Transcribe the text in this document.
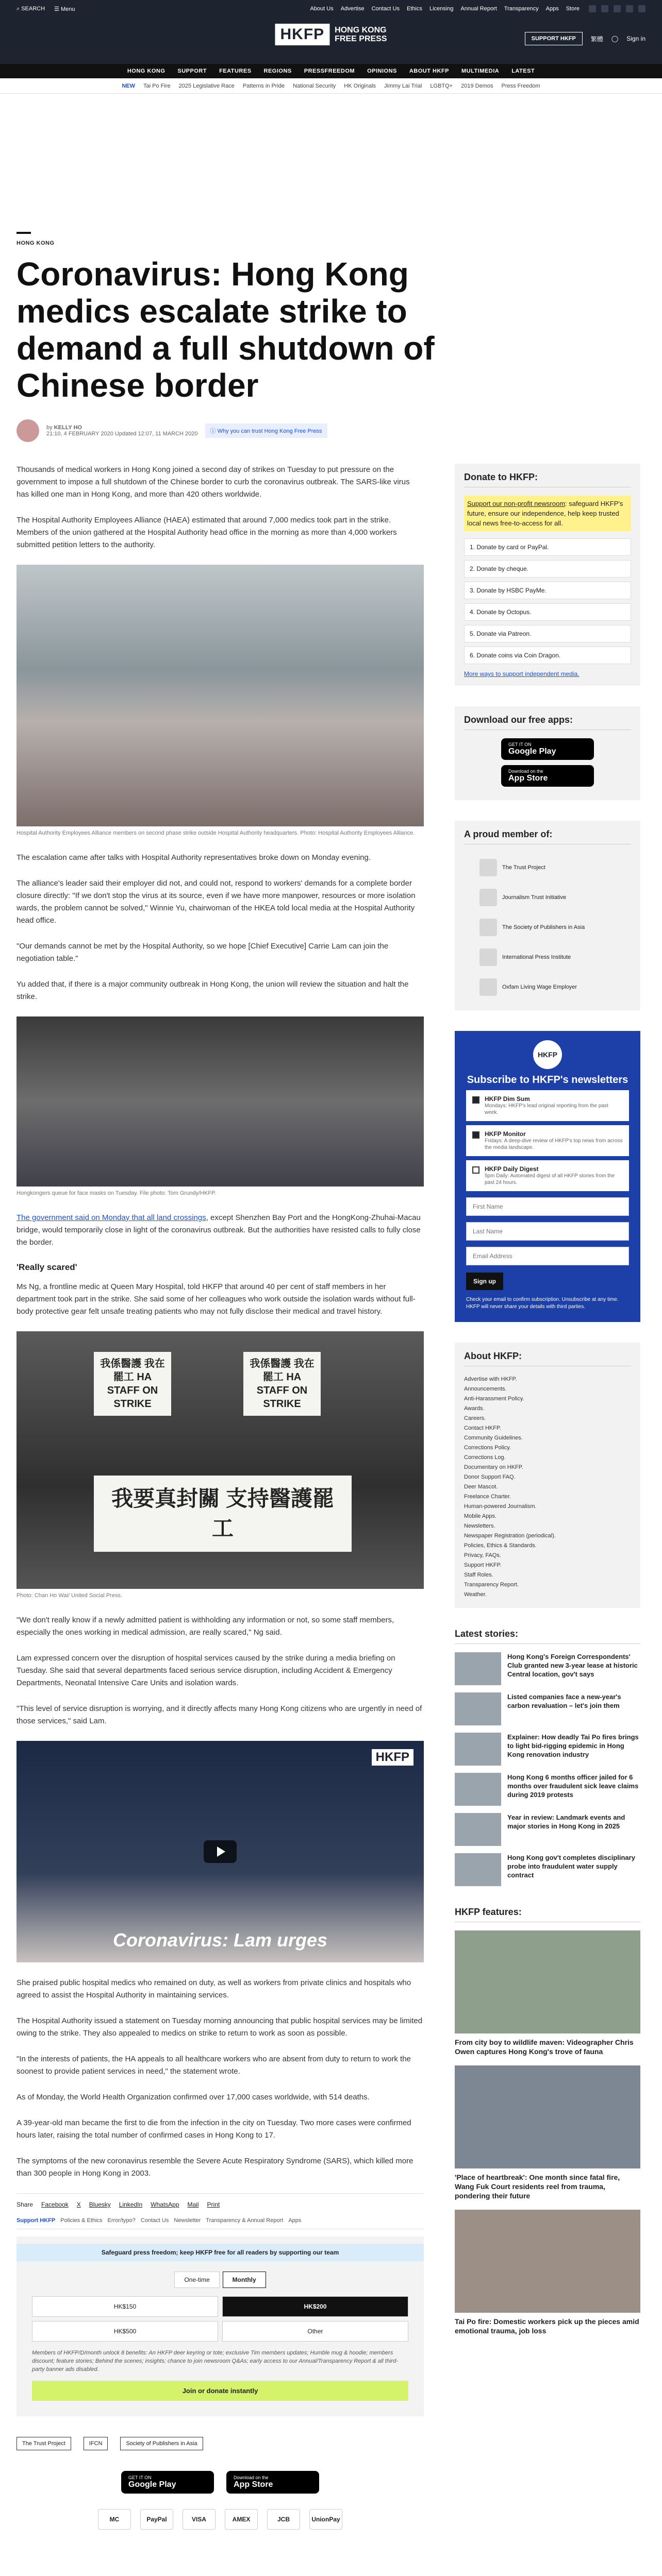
⌕ SEARCH ☰ Menu	About Us Advertise Contact Us Ethics Licensing Annual Report Transparency Apps Store
HKFP	HONG KONG
FREE PRESS	SUPPORT HKFP	繁體 ◯ Sign in
HONG KONG SUPPORT FEATURES REGIONS PRESSFREEDOM OPINIONS ABOUT HKFP MULTIMEDIA LATEST
NEW Tai Po Fire 2025 Legislative Race Patterns in Pride National Security HK Originals Jimmy Lai Trial LGBTQ+ 2019 Demos Press Freedom
HONG KONG
Coronavirus: Hong Kong medics escalate strike to demand a full shutdown of Chinese border
by KELLY HO
21:10, 4 FEBRUARY 2020 Updated 12:07, 11 MARCH 2020	ⓘ Why you can trust Hong Kong Free Press

Thousands of medical workers in Hong Kong joined a second day of strikes on Tuesday to put pressure on the government to impose a full shutdown of the Chinese border to curb the coronavirus outbreak. The SARS-like virus has killed one man in Hong Kong, and more than 420 others worldwide.

The Hospital Authority Employees Alliance (HAEA) estimated that around 7,000 medics took part in the strike. Members of the union gathered at the Hospital Authority head office in the morning as more than 4,000 workers submitted petition letters to the authority.

Hospital Authority Employees Alliance members on second phase strike outside Hospital Authority headquarters. Photo: Hospital Authority Employees Alliance.

The escalation came after talks with Hospital Authority representatives broke down on Monday evening.

The alliance's leader said their employer did not, and could not, respond to workers' demands for a complete border closure directly: "If we don't stop the virus at its source, even if we have more manpower, resources or more isolation wards, the problem cannot be solved," Winnie Yu, chairwoman of the HKEA told local media at the Hospital Authority head office.

"Our demands cannot be met by the Hospital Authority, so we hope [Chief Executive] Carrie Lam can join the negotiation table."

Yu added that, if there is a major community outbreak in Hong Kong, the union will review the situation and halt the strike.

Hongkongers queue for face masks on Tuesday. File photo: Tom Grundy/HKFP.

The government said on Monday that all land crossings, except Shenzhen Bay Port and the HongKong-Zhuhai-Macau bridge, would temporarily close in light of the coronavirus outbreak. But the authorities have resisted calls to fully close the border.

'Really scared'

Ms Ng, a frontline medic at Queen Mary Hospital, told HKFP that around 40 per cent of staff members in her department took part in the strike. She said some of her colleagues who work outside the isolation wards without full-body protective gear felt unsafe treating patients who may not fully disclose their medical and travel history.

我係醫護 我在罷工 HA STAFF ON STRIKE
我係醫護 我在罷工 HA STAFF ON STRIKE
我要真封關 支持醫護罷工
Photo: Chan Ho Wai/ United Social Press.

"We don't really know if a newly admitted patient is withholding any information or not, so some staff members, especially the ones working in medical admission, are really scared," Ng said.

Lam expressed concern over the disruption of hospital services caused by the strike during a media briefing on Tuesday. She said that several departments faced serious service disruption, including Accident & Emergency Departments, Neonatal Intensive Care Units and isolation wards.

"This level of service disruption is worrying, and it directly affects many Hong Kong citizens who are urgently in need of those services," said Lam.

HKFP
Coronavirus: Lam urges

She praised public hospital medics who remained on duty, as well as workers from private clinics and hospitals who agreed to assist the Hospital Authority in maintaining services.

The Hospital Authority issued a statement on Tuesday morning announcing that public hospital services may be limited owing to the strike. They also appealed to medics on strike to return to work as soon as possible.

"In the interests of patients, the HA appeals to all healthcare workers who are absent from duty to return to work the soonest to provide patient services in need," the statement wrote.

As of Monday, the World Health Organization confirmed over 17,000 cases worldwide, with 514 deaths.

A 39-year-old man became the first to die from the infection in the city on Tuesday. Two more cases were confirmed hours later, raising the total number of confirmed cases in Hong Kong to 17.

The symptoms of the new coronavirus resemble the Severe Acute Respiratory Syndrome (SARS), which killed more than 300 people in Hong Kong in 2003.

Share Facebook X Bluesky LinkedIn WhatsApp Mail Print
Support HKFP Policies & Ethics Error/typo? Contact Us Newsletter Transparency & Annual Report Apps
Safeguard press freedom; keep HKFP free for all readers by supporting our team
One-time	Monthly
HK$150	HK$200
HK$500	Other
Members of HKFP/D/month unlock 8 benefits: An HKFP deer keyring or tote; exclusive Tim members updates; Humble mug & hoodie; members discount; feature stories; Behind the scenes; insights; chance to join newsroom Q&As; early access to our Annual/Transparency Report & all third-party banner ads disabled.
Join or donate instantly
The Trust Project	IFCN	Society of Publishers in Asia
GET IT ON
Google Play
Download on the
App Store
MC	PayPal	VISA	AMEX	JCB	UnionPay
Donate to HKFP:
Support our non-profit newsroom: safeguard HKFP's future, ensure our independence, help keep trusted local news free-to-access for all.
1. Donate by card or PayPal.
2. Donate by cheque.
3. Donate by HSBC PayMe.
4. Donate by Octopus.
5. Donate via Patreon.
6. Donate coins via Coin Dragon.
More ways to support independent media.
Download our free apps:
GET IT ON
Google Play
Download on the
App Store
A proud member of:
The Trust Project
Journalism Trust Initiative
The Society of Publishers in Asia
International Press Institute
Oxfam Living Wage Employer
HKFP
Subscribe to HKFP's newsletters
HKFP Dim Sum
Mondays: HKFP's lead original reporting from the past week.
HKFP Monitor
Fridays: A deep-dive review of HKFP's top news from across the media landscape.
HKFP Daily Digest
5pm Daily: Automated digest of all HKFP stories from the past 24 hours.
First Name Last Name Email Address
Sign up
Check your email to confirm subscription. Unsubscribe at any time. HKFP will never share your details with third parties.
About HKFP:
Advertise with HKFP.
Announcements.
Anti-Harassment Policy.
Awards.
Careers.
Contact HKFP.
Community Guidelines.
Corrections Policy.
Corrections Log.
Documentary on HKFP.
Donor Support FAQ.
Deer Mascot.
Freelance Charter.
Human-powered Journalism.
Mobile Apps.
Newsletters.
Newspaper Registration (periodical).
Policies, Ethics & Standards.
Privacy, FAQs.
Support HKFP.
Staff Roles.
Transparency Report.
Weather.
Latest stories:
Hong Kong's Foreign Correspondents' Club granted new 3-year lease at historic Central location, gov't says
Listed companies face a new-year's carbon revaluation – let's join them
Explainer: How deadly Tai Po fires brings to light bid-rigging epidemic in Hong Kong renovation industry
Hong Kong 6 months officer jailed for 6 months over fraudulent sick leave claims during 2019 protests
Year in review: Landmark events and major stories in Hong Kong in 2025
Hong Kong gov't completes disciplinary probe into fraudulent water supply contract
HKFP features:
From city boy to wildlife maven: Videographer Chris Owen captures Hong Kong's trove of fauna
'Place of heartbreak': One month since fatal fire, Wang Fuk Court residents reel from trauma, pondering their future
Tai Po fire: Domestic workers pick up the pieces amid emotional trauma, job loss
